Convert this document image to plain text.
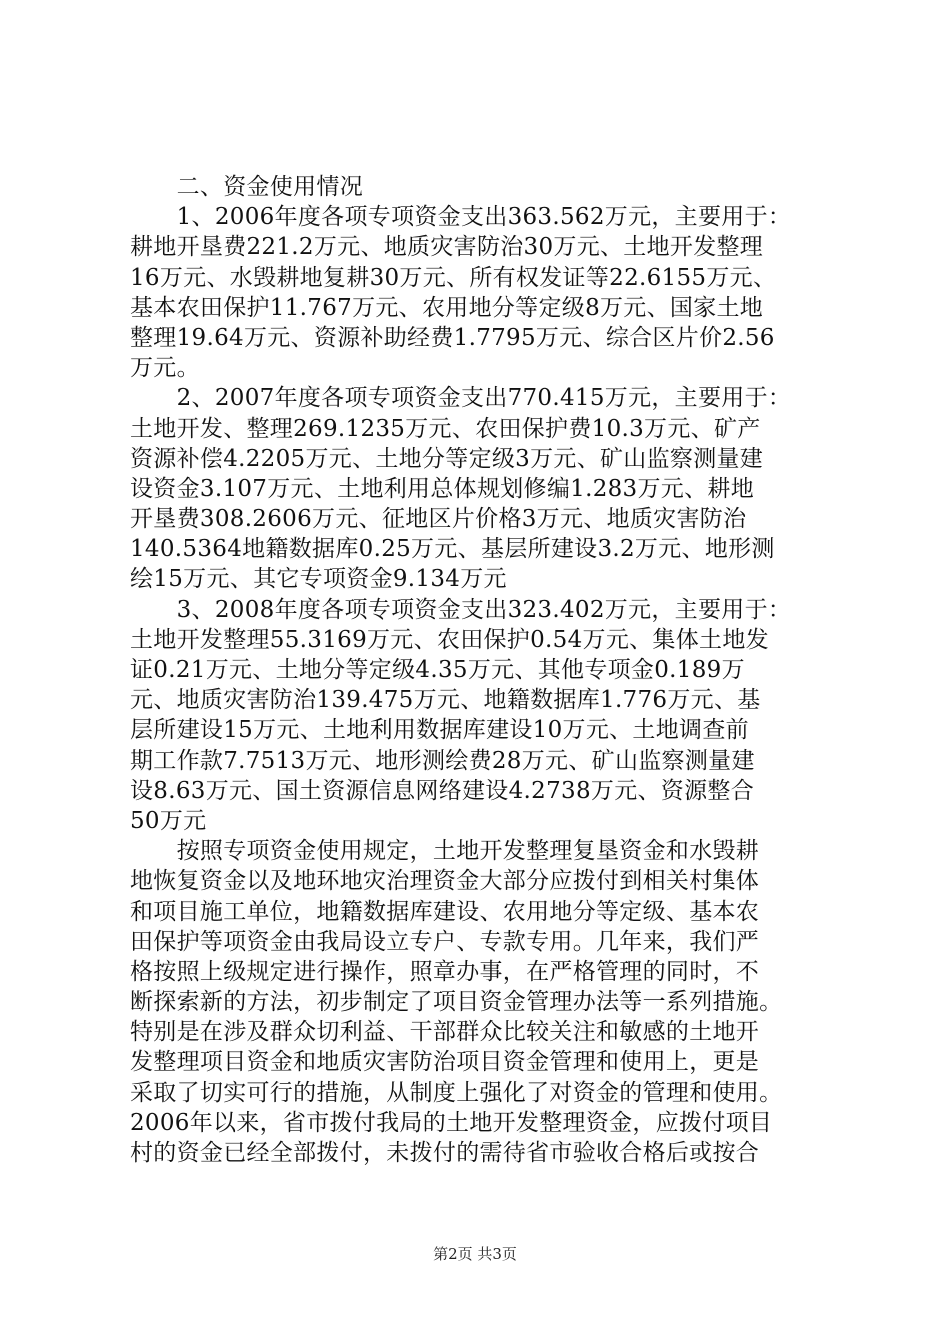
　　二、资金使用情况
　　1、2006年度各项专项资金支出363.562万元，主要用于：
耕地开垦费221.2万元、地质灾害防治30万元、土地开发整理
16万元、水毁耕地复耕30万元、所有权发证等22.6155万元、
基本农田保护11.767万元、农用地分等定级8万元、国家土地
整理19.64万元、资源补助经费1.7795万元、综合区片价2.56
万元。
　　2、2007年度各项专项资金支出770.415万元，主要用于：
土地开发、整理269.1235万元、农田保护费10.3万元、矿产
资源补偿4.2205万元、土地分等定级3万元、矿山监察测量建
设资金3.107万元、土地利用总体规划修编1.283万元、耕地
开垦费308.2606万元、征地区片价格3万元、地质灾害防治
140.5364地籍数据库0.25万元、基层所建设3.2万元、地形测
绘15万元、其它专项资金9.134万元
　　3、2008年度各项专项资金支出323.402万元，主要用于：
土地开发整理55.3169万元、农田保护0.54万元、集体土地发
证0.21万元、土地分等定级4.35万元、其他专项金0.189万
元、地质灾害防治139.475万元、地籍数据库1.776万元、基
层所建设15万元、土地利用数据库建设10万元、土地调查前
期工作款7.7513万元、地形测绘费28万元、矿山监察测量建
设8.63万元、国土资源信息网络建设4.2738万元、资源整合
50万元
　　按照专项资金使用规定，土地开发整理复垦资金和水毁耕
地恢复资金以及地环地灾治理资金大部分应拨付到相关村集体
和项目施工单位，地籍数据库建设、农用地分等定级、基本农
田保护等项资金由我局设立专户、专款专用。几年来，我们严
格按照上级规定进行操作，照章办事，在严格管理的同时，不
断探索新的方法，初步制定了项目资金管理办法等一系列措施。
特别是在涉及群众切利益、干部群众比较关注和敏感的土地开
发整理项目资金和地质灾害防治项目资金管理和使用上，更是
采取了切实可行的措施，从制度上强化了对资金的管理和使用。
2006年以来，省市拨付我局的土地开发整理资金，应拨付项目
村的资金已经全部拨付，未拨付的需待省市验收合格后或按合
第2页 共3页
